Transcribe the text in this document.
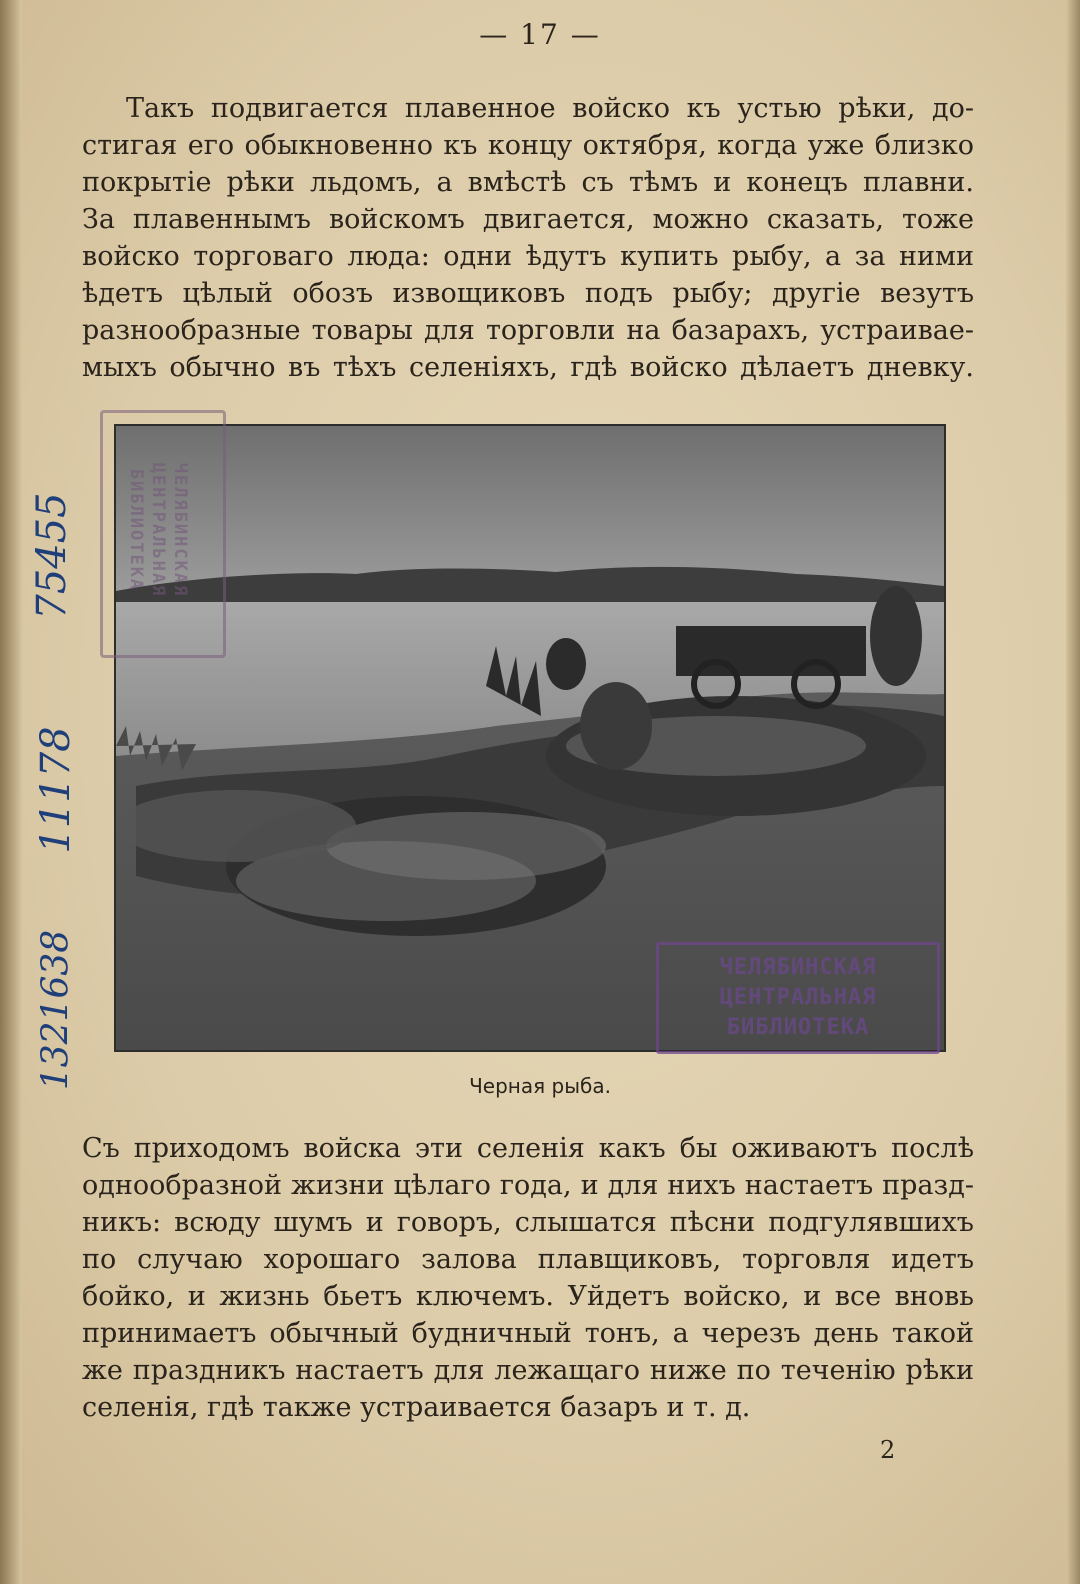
— 17 —
Такъ подвигается плавенное войско къ устью рѣки, до-
стигая его обыкновенно къ концу октября, когда уже близко
покрытіе рѣки льдомъ, а вмѣстѣ съ тѣмъ и конецъ плавни.
За плавеннымъ войскомъ двигается, можно сказать, тоже
войско торговаго люда: одни ѣдутъ купить рыбу, а за ними
ѣдетъ цѣлый обозъ извощиковъ подъ рыбу; другіе везутъ
разнообразные товары для торговли на базарахъ, устраивае-
мыхъ обычно въ тѣхъ селеніяхъ, гдѣ войско дѣлаетъ дневку.
ЧЕЛЯБИНСКАЯ
ЦЕНТРАЛЬНАЯ
БИБЛИОТЕКА
ЧЕЛЯБИНСКАЯ
ЦЕНТРАЛЬНАЯ
БИБЛИОТЕКА
75455
11178
1321638	Черная рыба.
Съ приходомъ войска эти селенія какъ бы оживаютъ послѣ
однообразной жизни цѣлаго года, и для нихъ настаетъ празд-
никъ: всюду шумъ и говоръ, слышатся пѣсни подгулявшихъ
по случаю хорошаго залова плавщиковъ, торговля идетъ
бойко, и жизнь бьетъ ключемъ. Уйдетъ войско, и все вновь
принимаетъ обычный будничный тонъ, а черезъ день такой
же праздникъ настаетъ для лежащаго ниже по теченію рѣки
селенія, гдѣ также устраивается базаръ и т. д.
2
